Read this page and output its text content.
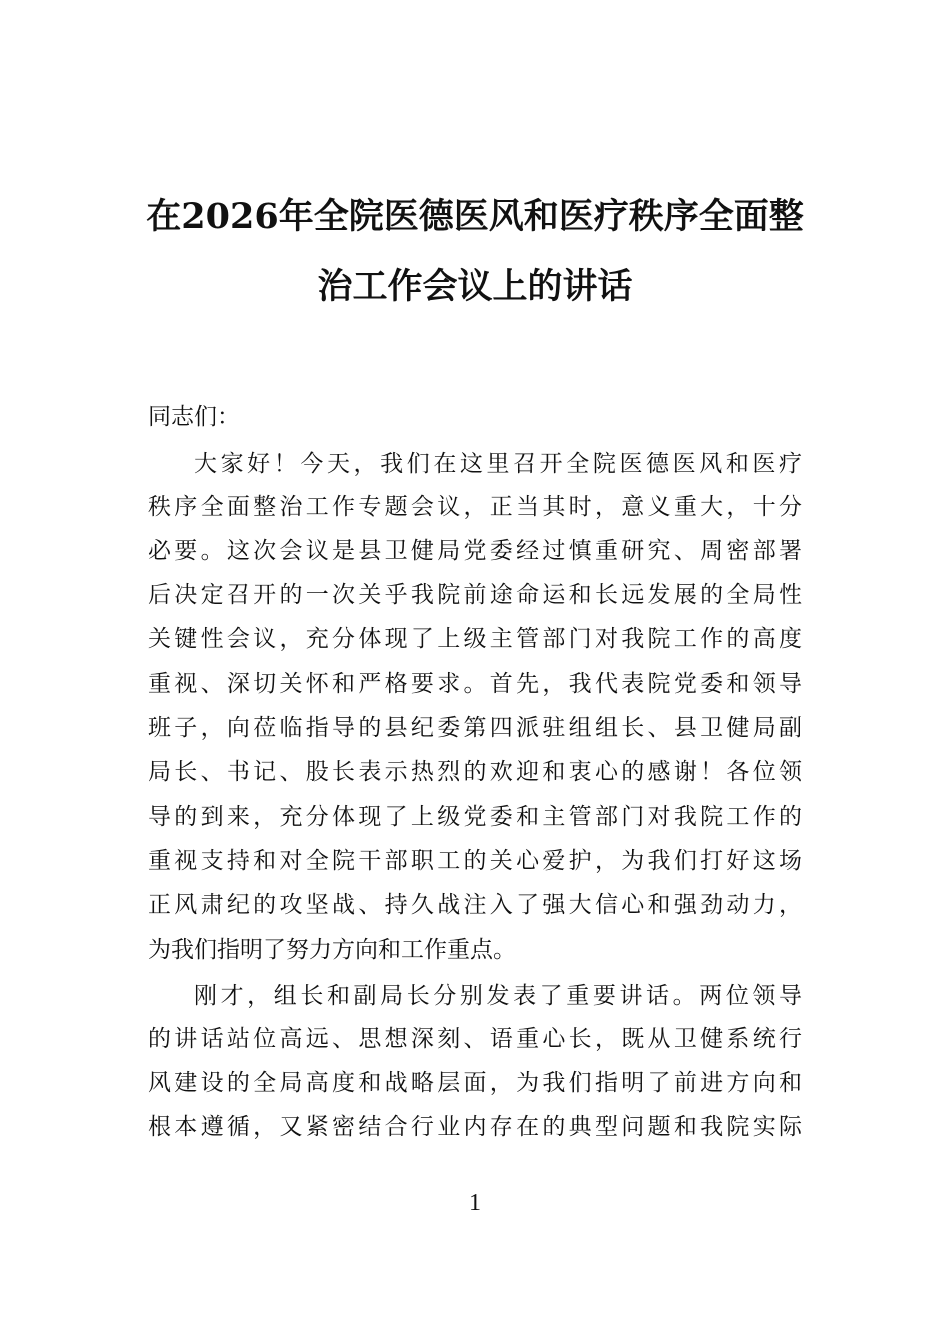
在2026年全院医德医风和医疗秩序全面整
治工作会议上的讲话

同志们：

大家好！今天，我们在这里召开全院医德医风和医疗

秩序全面整治工作专题会议，正当其时，意义重大，十分

必要。这次会议是县卫健局党委经过慎重研究、周密部署

后决定召开的一次关乎我院前途命运和长远发展的全局性

关键性会议，充分体现了上级主管部门对我院工作的高度

重视、深切关怀和严格要求。首先，我代表院党委和领导

班子，向莅临指导的县纪委第四派驻组组长、县卫健局副

局长、书记、股长表示热烈的欢迎和衷心的感谢！各位领

导的到来，充分体现了上级党委和主管部门对我院工作的

重视支持和对全院干部职工的关心爱护，为我们打好这场

正风肃纪的攻坚战、持久战注入了强大信心和强劲动力，

为我们指明了努力方向和工作重点。

刚才，组长和副局长分别发表了重要讲话。两位领导

的讲话站位高远、思想深刻、语重心长，既从卫健系统行

风建设的全局高度和战略层面，为我们指明了前进方向和

根本遵循，又紧密结合行业内存在的典型问题和我院实际

1
